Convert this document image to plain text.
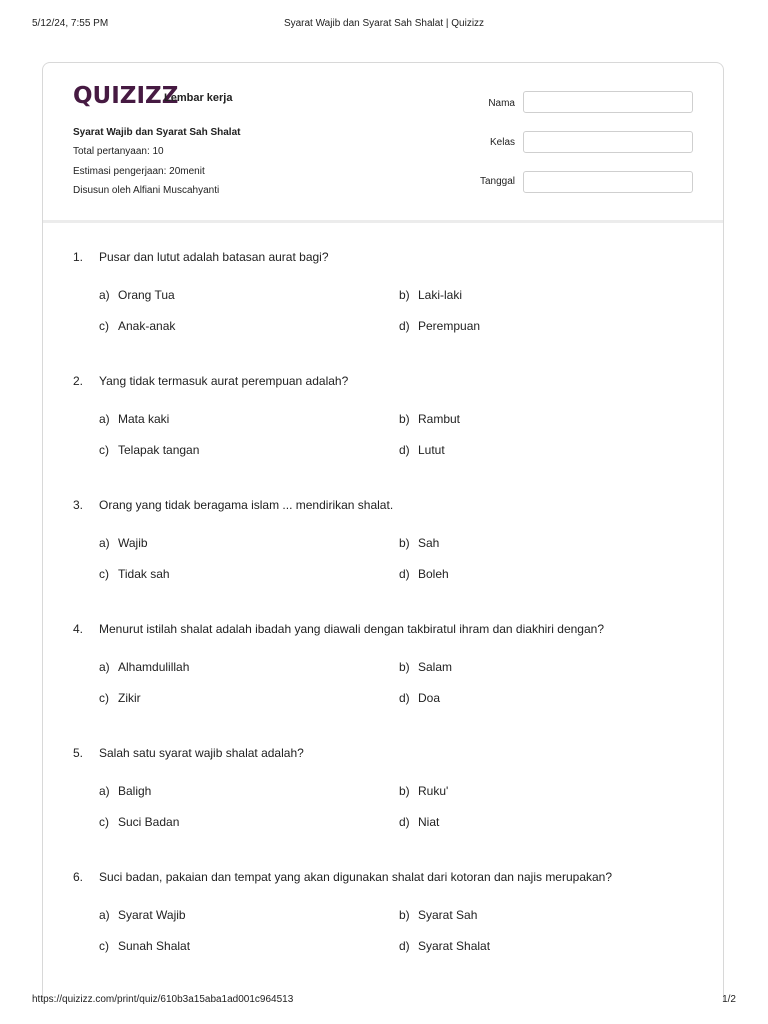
5/12/24, 7:55 PM	Syarat Wajib dan Syarat Sah Shalat | Quizizz
QUIZIZZ
Lembar kerja
Syarat Wajib dan Syarat Sah Shalat
Total pertanyaan: 10
Estimasi pengerjaan: 20menit
Disusun oleh Alfiani Muscahyanti
Nama
Kelas
Tanggal
1. Pusar dan lutut adalah batasan aurat bagi?
a) Orang Tua	b) Laki-laki
c) Anak-anak	d) Perempuan
2. Yang tidak termasuk aurat perempuan adalah?
a) Mata kaki	b) Rambut
c) Telapak tangan	d) Lutut
3. Orang yang tidak beragama islam ... mendirikan shalat.
a) Wajib	b) Sah
c) Tidak sah	d) Boleh
4. Menurut istilah shalat adalah ibadah yang diawali dengan takbiratul ihram dan diakhiri dengan?
a) Alhamdulillah	b) Salam
c) Zikir	d) Doa
5. Salah satu syarat wajib shalat adalah?
a) Baligh	b) Ruku'
c) Suci Badan	d) Niat
6. Suci badan, pakaian dan tempat yang akan digunakan shalat dari kotoran dan najis merupakan?
a) Syarat Wajib	b) Syarat Sah
c) Sunah Shalat	d) Syarat Shalat
https://quizizz.com/print/quiz/610b3a15aba1ad001c964513	1/2
